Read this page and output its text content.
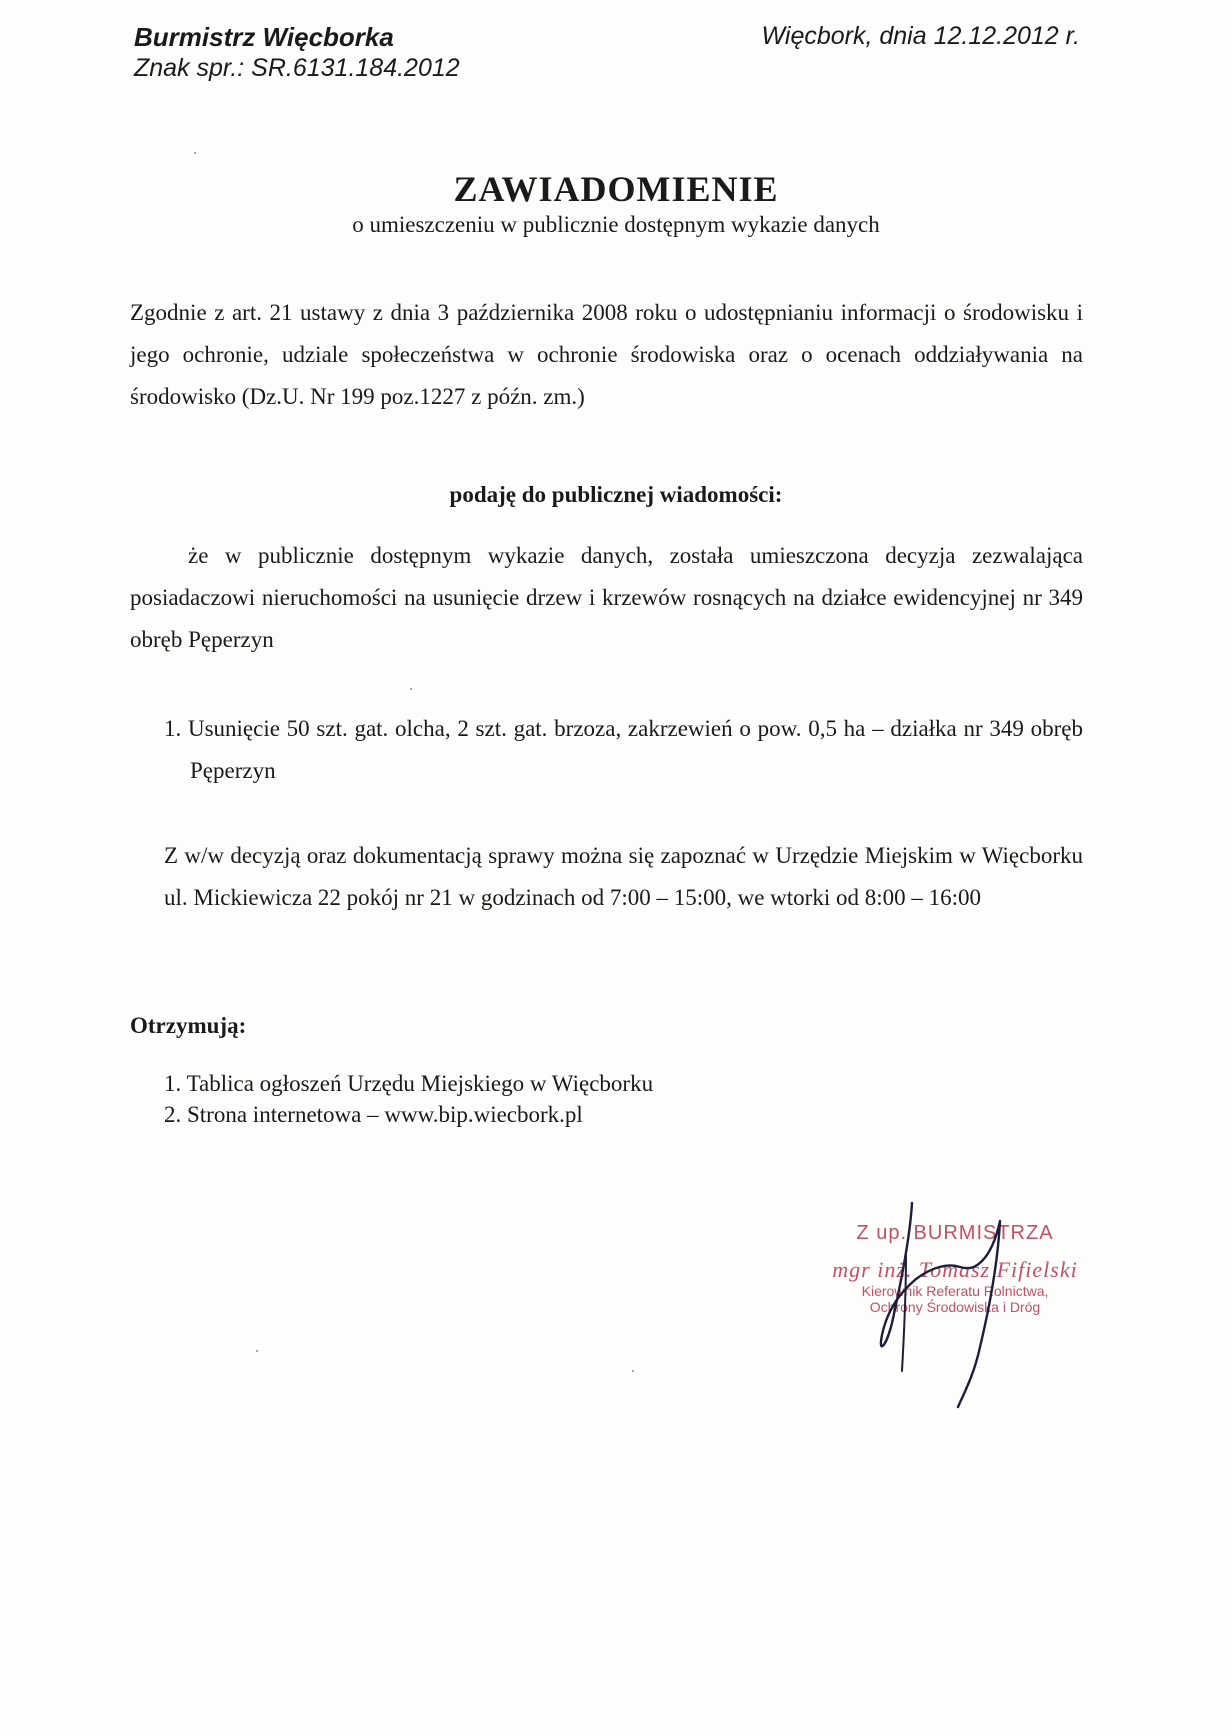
Burmistrz Więcborka
Znak spr.: SR.6131.184.2012
Więcbork, dnia 12.12.2012 r.
ZAWIADOMIENIE
o umieszczeniu w publicznie dostępnym wykazie danych
Zgodnie z art. 21 ustawy z dnia 3 października 2008 roku o udostępnianiu informacji o środowisku i jego ochronie, udziale społeczeństwa w ochronie środowiska oraz o ocenach oddziaływania na środowisko (Dz.U. Nr 199 poz.1227 z późn. zm.)
podaję do publicznej wiadomości:
że w publicznie dostępnym wykazie danych, została umieszczona decyzja zezwalająca posiadaczowi nieruchomości na usunięcie drzew i krzewów rosnących na działce ewidencyjnej nr 349 obręb Pęperzyn
1. Usunięcie 50 szt. gat. olcha, 2 szt. gat. brzoza, zakrzewień o pow. 0,5 ha – działka nr 349 obręb Pęperzyn
Z w/w decyzją oraz dokumentacją sprawy można się zapoznać w Urzędzie Miejskim w Więcborku ul. Mickiewicza 22 pokój nr 21 w godzinach od 7:00 – 15:00, we wtorki od 8:00 – 16:00
Otrzymują:
1. Tablica ogłoszeń Urzędu Miejskiego w Więcborku
2. Strona internetowa – www.bip.wiecbork.pl
Z up. BURMISTRZA
mgr inż. Tomasz Fifielski
Kierownik Referatu Rolnictwa,
Ochrony Środowiska i Dróg
